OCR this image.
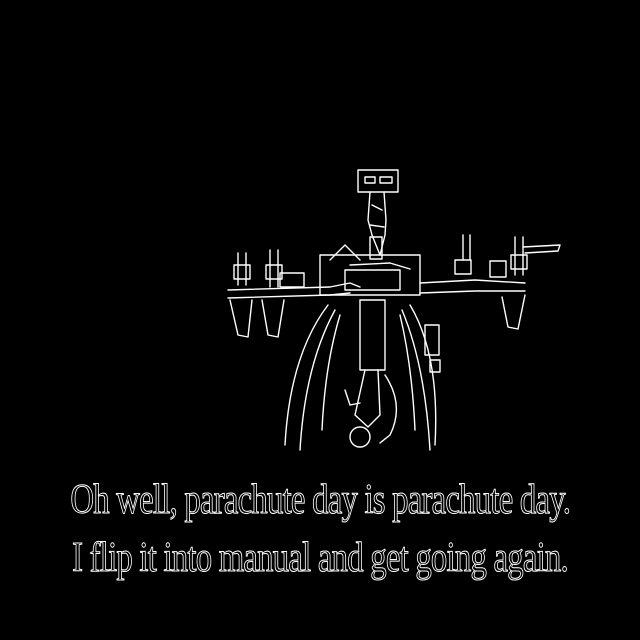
Oh well, parachute day is parachute day.
I flip it into manual and get going again.
